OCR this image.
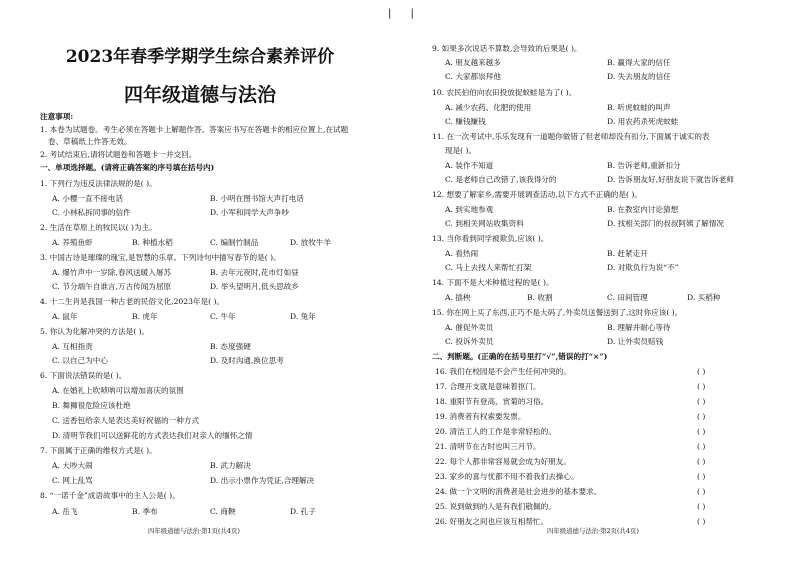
| |
2023年春季学期学生综合素养评价
四年级道德与法治
注意事项:
1. 本卷为试题卷。考生必须在答题卡上解题作答。答案应书写在答题卡的相应位置上,在试题
卷、草稿纸上作答无效。
2. 考试结束后,请将试题卷和答题卡一并交回。
一、单项选择题。(请将正确答案的序号填在括号内)
1. 下列行为违反法律法规的是( )。
A. 小樱一直不接电话	B. 小明在图书馆大声打电话
C. 小林私拆同事的信件	D. 小军和同学大声争吵
2. 生活在草原上的牧民以( )为主。
A. 养殖鱼虾	B. 种植水稻	C. 编制竹制品	D. 放牧牛羊
3. 中国古诗是璀璨的瑰宝,是智慧的乐章。下列诗句中描写春节的是( )。
A. 爆竹声中一岁除,春风送暖入屠苏	B. 去年元夜时,花市灯如昼
C. 节分端午自谁言,万古传闻为屈原	D. 举头望明月,低头思故乡
4. 十二生肖是我国一种古老的民俗文化,2023年是( )。
A. 鼠年	B. 虎年	C. 牛年	D. 兔年
5. 你认为化解冲突的方法是( )。
A. 互相指责	B. 态度强硬
C. 以自己为中心	D. 及时沟通,换位思考
6. 下面说法错误的是( )。
A. 在婚礼上吹唢呐可以增加喜庆的氛围
B. 舞狮很危险应该杜绝
C. 送香包给亲人是表达美好祝福的一种方式
D. 清明节我们可以送鲜花的方式表达我们对亲人的缅怀之情
7. 下面属于正确的维权方式是( )。
A. 大吵大闹	B. 武力解决
C. 网上乱骂	D. 出示小票作为凭证,合理解决
8. “一诺千金”成语故事中的主人公是( )。
A. 岳飞	B. 季布	C. 商鞅	D. 孔子
四年级道德与法治·第1页(共4页)
9. 如果多次说话不算数,会导致的后果是( )。
A. 朋友越来越多	B. 赢得大家的信任
C. 大家都崇拜他	D. 失去朋友的信任
10. 农民伯伯向农田投放捉蚁蛙是为了( )。
A. 减少农药、化肥的使用	B. 听虎蚊蛙的叫声
C. 赚钱赚钱	D. 用农药杀死虎蚊蛙
11. 在一次考试中,乐乐发现有一道题你做错了但老师却没有扣分,下面属于诚实的表
现是( )。
A. 装作不知道	B. 告诉老师,重新扣分
C. 是老师自己改错了,该我得分的	D. 告诉朋友好,好朋友说下就告诉老师
12. 想要了解家乡,需要开展调查活动,以下方式不正确的是( )。
A. 到实地参观	B. 在教室内讨论猜想
C. 到相关网站收集资料	D. 找相关部门的叔叔阿姨了解情况
13. 当你看到同学被欺负,应该( )。
A. 看热闹	B. 赶紧走开
C. 马上去找人来帮忙打架	D. 对欺负行为说“不”
14. 下面不是大米种植过程的是( )。
A. 插秧	B. 收割	C. 田间管理	D. 买稻种
15. 你在网上买了东西,正巧不是大码了,外卖员送餐送到了,这时你应该( )。
A. 催促外卖员	B. 理解并耐心等待
C. 投诉外卖员	D. 让外卖员赔钱
二、判断题。(正确的在括号里打“√”,错误的打“×”)
16. 我们在校园是不会产生任何冲突的。	( )
17. 合理开支就是意味着抠门。	( )
18. 重阳节有登高、赏菊的习俗。	( )
19. 消费者有权索要发票。	( )
20. 清洁工人的工作是非常轻松的。	( )
21. 清明节在古时也叫三月节。	( )
22. 每个人都非常容易就会成为好朋友。	( )
23. 家乡的喜与忧都不用不着我们去操心。	( )
24. 做一个文明的消费者是社会进步的基本要求。	( )
25. 说到做到的人是有我们敬佩的。	( )
26. 好朋友之间也应该互相帮忙。	( )
四年级道德与法治·第2页(共4页)
